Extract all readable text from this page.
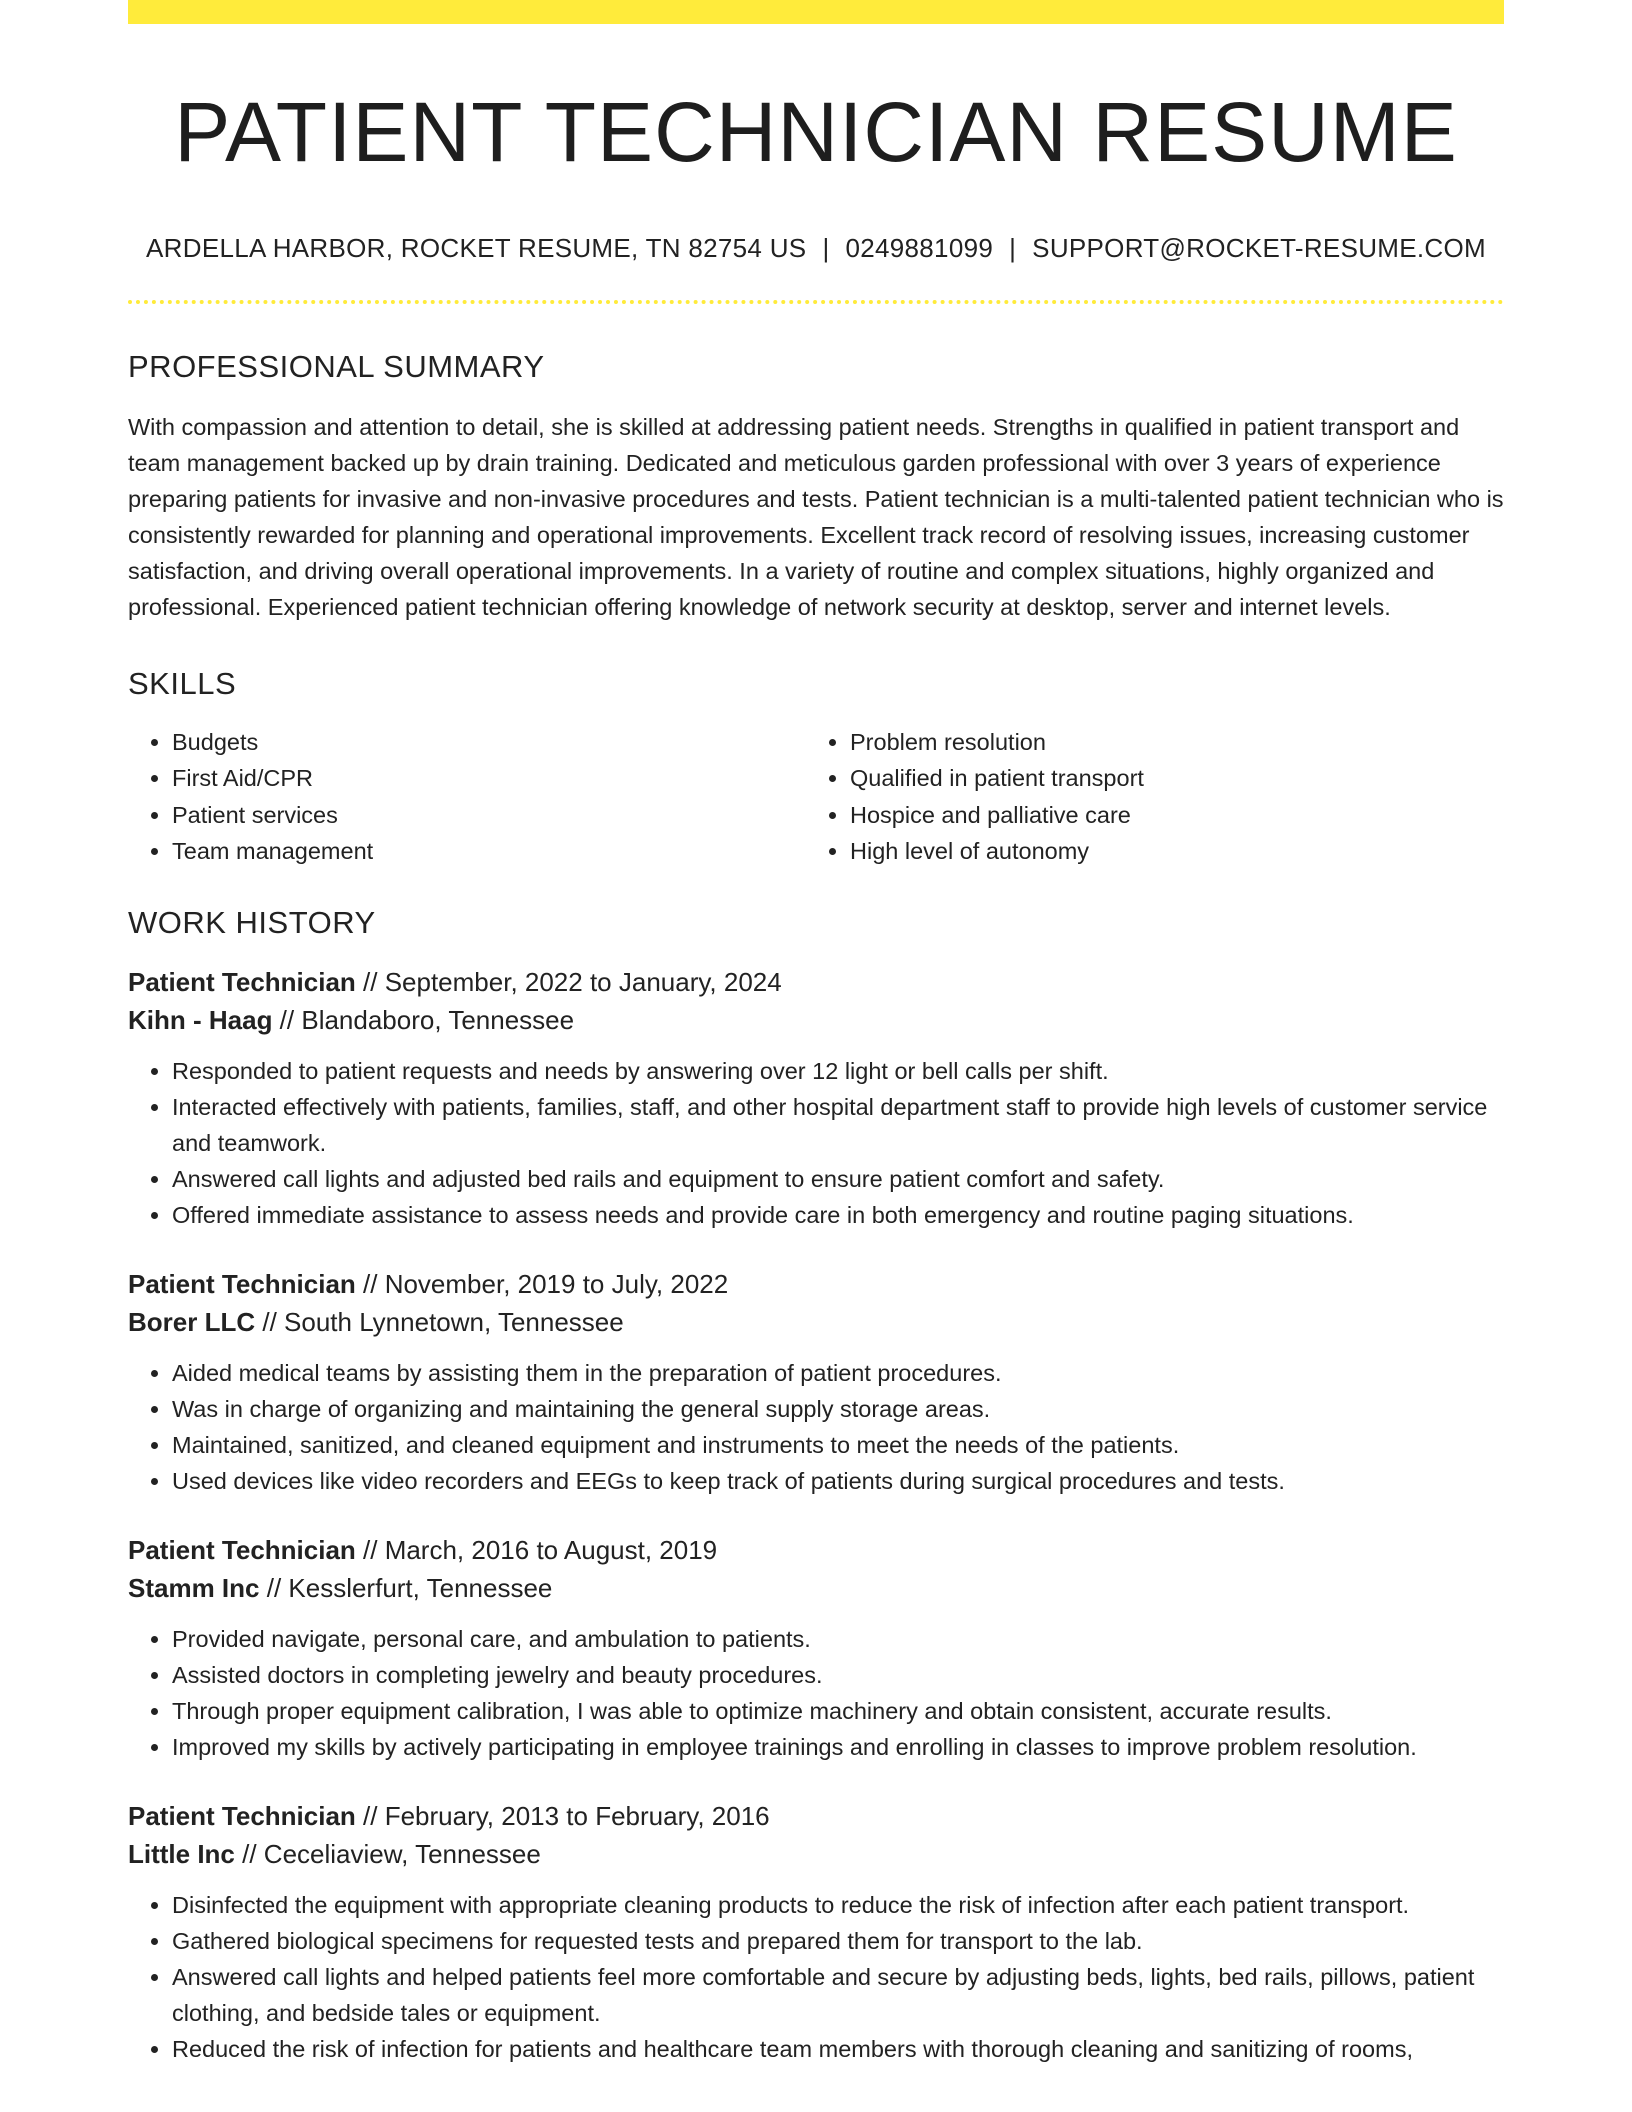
PATIENT TECHNICIAN RESUME
ARDELLA HARBOR, ROCKET RESUME, TN 82754 US | 0249881099 | SUPPORT@ROCKET-RESUME.COM
PROFESSIONAL SUMMARY
With compassion and attention to detail, she is skilled at addressing patient needs. Strengths in qualified in patient transport and team management backed up by drain training. Dedicated and meticulous garden professional with over 3 years of experience preparing patients for invasive and non-invasive procedures and tests. Patient technician is a multi-talented patient technician who is consistently rewarded for planning and operational improvements. Excellent track record of resolving issues, increasing customer satisfaction, and driving overall operational improvements. In a variety of routine and complex situations, highly organized and professional. Experienced patient technician offering knowledge of network security at desktop, server and internet levels.
SKILLS
• Budgets
• First Aid/CPR
• Patient services
• Team management
• Problem resolution
• Qualified in patient transport
• Hospice and palliative care
• High level of autonomy
WORK HISTORY
Patient Technician // September, 2022 to January, 2024
Kihn - Haag // Blandaboro, Tennessee
• Responded to patient requests and needs by answering over 12 light or bell calls per shift.
• Interacted effectively with patients, families, staff, and other hospital department staff to provide high levels of customer service and teamwork.
• Answered call lights and adjusted bed rails and equipment to ensure patient comfort and safety.
• Offered immediate assistance to assess needs and provide care in both emergency and routine paging situations.
Patient Technician // November, 2019 to July, 2022
Borer LLC // South Lynnetown, Tennessee
• Aided medical teams by assisting them in the preparation of patient procedures.
• Was in charge of organizing and maintaining the general supply storage areas.
• Maintained, sanitized, and cleaned equipment and instruments to meet the needs of the patients.
• Used devices like video recorders and EEGs to keep track of patients during surgical procedures and tests.
Patient Technician // March, 2016 to August, 2019
Stamm Inc // Kesslerfurt, Tennessee
• Provided navigate, personal care, and ambulation to patients.
• Assisted doctors in completing jewelry and beauty procedures.
• Through proper equipment calibration, I was able to optimize machinery and obtain consistent, accurate results.
• Improved my skills by actively participating in employee trainings and enrolling in classes to improve problem resolution.
Patient Technician // February, 2013 to February, 2016
Little Inc // Ceceliaview, Tennessee
• Disinfected the equipment with appropriate cleaning products to reduce the risk of infection after each patient transport.
• Gathered biological specimens for requested tests and prepared them for transport to the lab.
• Answered call lights and helped patients feel more comfortable and secure by adjusting beds, lights, bed rails, pillows, patient clothing, and bedside tales or equipment.
• Reduced the risk of infection for patients and healthcare team members with thorough cleaning and sanitizing of rooms,
